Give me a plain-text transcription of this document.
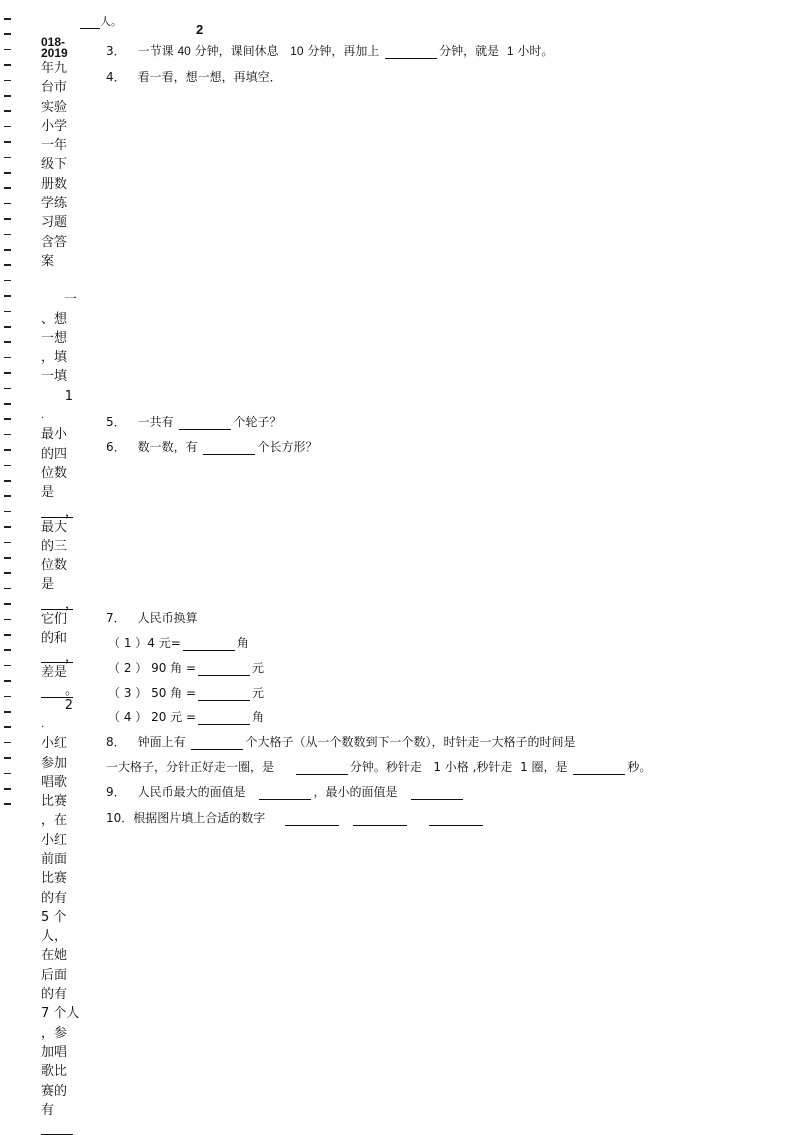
人。
2
018-2019
年九
台市
实验
小学
一年
级下
册数
学练
习题
含答
案
一
、想
一想
，填
一填
1
.
最小
的四
位数
是
，
最大
的三
位数
是
，
它们
的和
，
差是
。
2
.
小红
参加
唱歌
比赛
，在
小红
前面
比赛
的有
5 个
人，
在她
后面
的有
7 个人
，参
加唱
歌比
赛的
有
3． 一节课 40 分钟，课间休息 10 分钟，再加上	分钟，就是 1 小时。
4． 看一看，想一想，再填空．
5． 一共有	个轮子？
6． 数一数，有	个长方形？
7． 人民币换算
（ 1 ）4 元=	角
（ 2 ） 90 角 =	元
（ 3 ） 50 角 =	元
（ 4 ） 20 元 =	角
8． 钟面上有	个大格子（从一个数数到下一个数），时针走一大格子的时间是
一大格子，分针正好走一圈，是	分钟。秒针走 1 小格 ,秒针走 1 圈，是	秒。
9． 人民币最大的面值是	，最小的面值是
10．根据图片填上合适的数字
